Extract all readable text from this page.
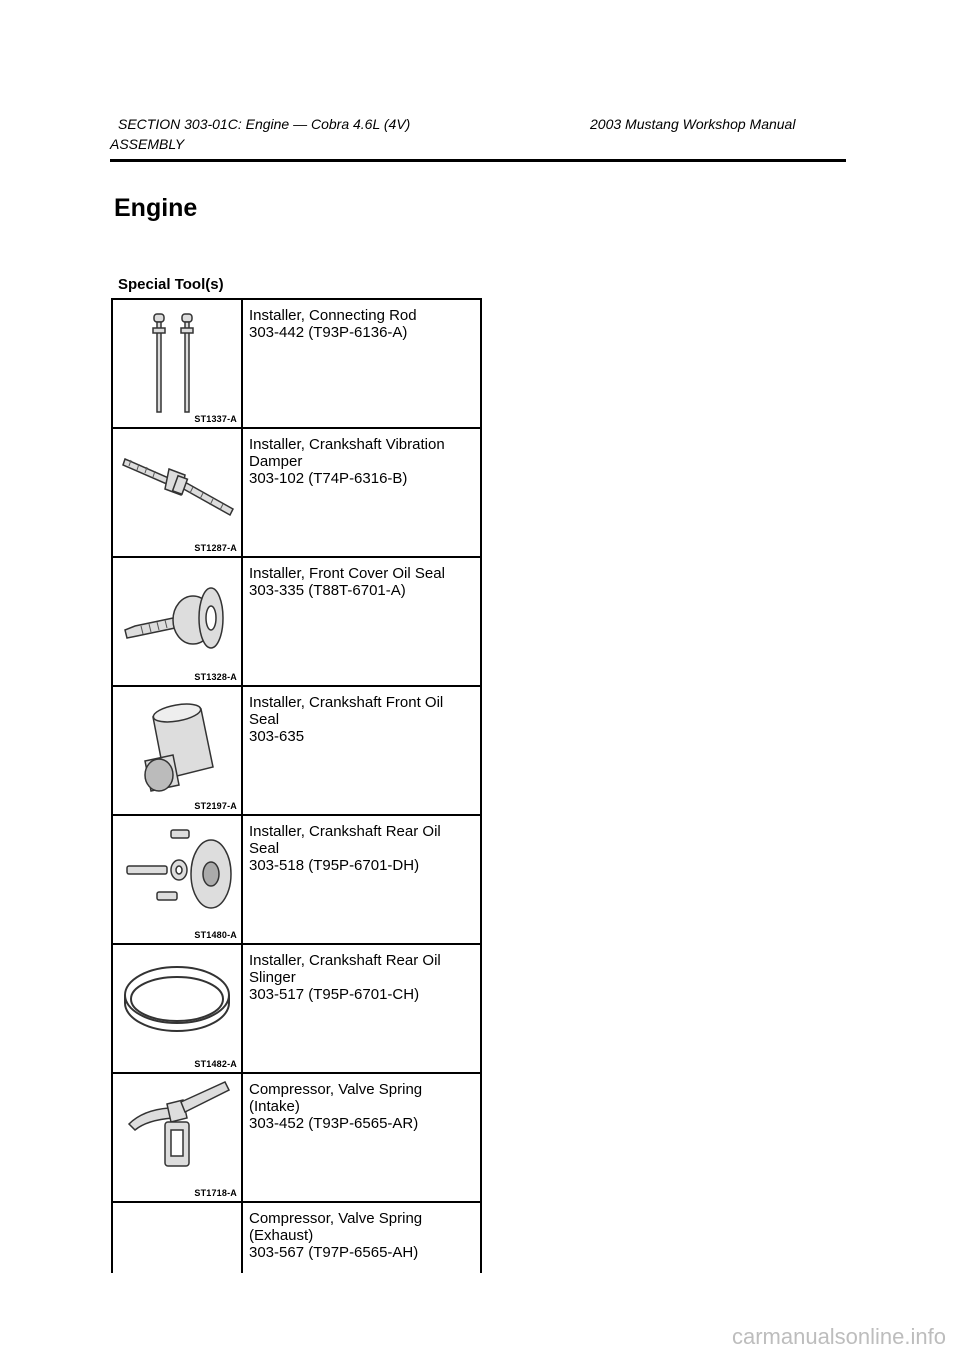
SECTION 303-01C: Engine — Cobra 4.6L (4V)	2003 Mustang Workshop Manual
ASSEMBLY
Engine
Special Tool(s)
ST1337-A
Installer, Connecting Rod
303-442 (T93P-6136-A)
ST1287-A
Installer, Crankshaft Vibration
Damper
303-102 (T74P-6316-B)
ST1328-A
Installer, Front Cover Oil Seal
303-335 (T88T-6701-A)
ST2197-A
Installer, Crankshaft Front Oil
Seal
303-635
ST1480-A
Installer, Crankshaft Rear Oil
Seal
303-518 (T95P-6701-DH)
ST1482-A
Installer, Crankshaft Rear Oil
Slinger
303-517 (T95P-6701-CH)
ST1718-A
Compressor, Valve Spring
(Intake)
303-452 (T93P-6565-AR)
Compressor, Valve Spring
(Exhaust)
303-567 (T97P-6565-AH)
carmanualsonline.info
